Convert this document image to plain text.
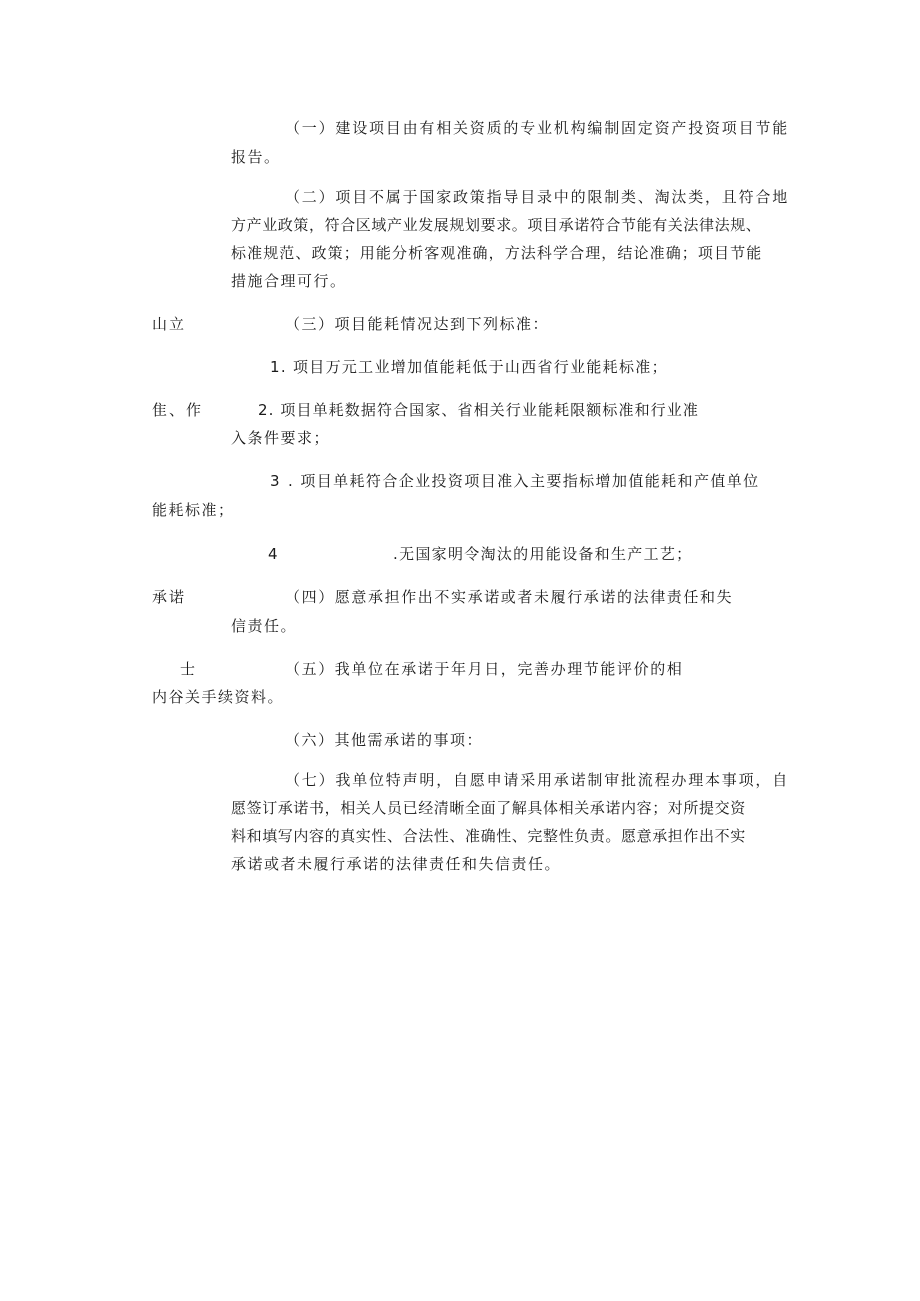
（一）建设项目由有相关资质的专业机构编制固定资产投资项目节能
报告。
（二）项目不属于国家政策指导目录中的限制类、淘汰类，且符合地
方产业政策，符合区域产业发展规划要求。项目承诺符合节能有关法律法规、
标准规范、政策；用能分析客观准确，方法科学合理，结论准确；项目节能
措施合理可行。
山立	（三）项目能耗情况达到下列标准：
1. 项目万元工业增加值能耗低于山西省行业能耗标准；
隹、作	2. 项目单耗数据符合国家、省相关行业能耗限额标准和行业准
入条件要求；
3 . 项目单耗符合企业投资项目准入主要指标增加值能耗和产值单位
能耗标准；
4	.无国家明令淘汰的用能设备和生产工艺；
承诺	（四）愿意承担作出不实承诺或者未履行承诺的法律责任和失
信责任。
士	（五）我单位在承诺于年月日，完善办理节能评价的相
内谷关手续资料。
（六）其他需承诺的事项：
（七）我单位特声明，自愿申请采用承诺制审批流程办理本事项，自
愿签订承诺书，相关人员已经清晰全面了解具体相关承诺内容；对所提交资
料和填写内容的真实性、合法性、准确性、完整性负责。愿意承担作出不实
承诺或者未履行承诺的法律责任和失信责任。
